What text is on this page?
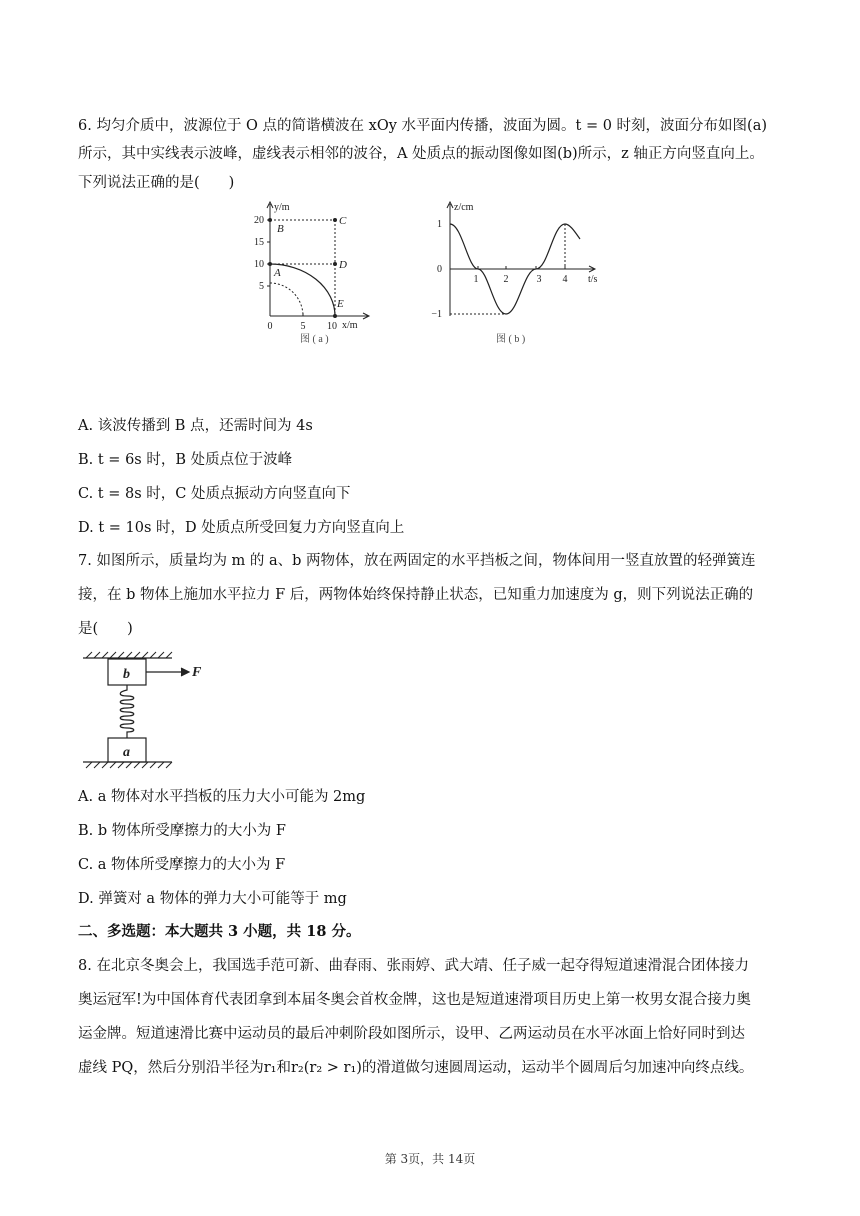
6. 均匀介质中，波源位于 O 点的简谐横波在 xOy 水平面内传播，波面为圆。t = 0 时刻，波面分布如图(a)
所示，其中实线表示波峰，虚线表示相邻的波谷，A 处质点的振动图像如图(b)所示，z 轴正方向竖直向上。
下列说法正确的是(　　)
y/m
x/m
20
15
10
5
0	5 10
B
C
A
D
E
图 ( a )
z/cm
t/s
1
0
−1
1	2	3 4
图 ( b )
A. 该波传播到 B 点，还需时间为 4s
B. t = 6s 时，B 处质点位于波峰
C. t = 8s 时，C 处质点振动方向竖直向下
D. t = 10s 时，D 处质点所受回复力方向竖直向上
7. 如图所示，质量均为 m 的 a、b 两物体，放在两固定的水平挡板之间，物体间用一竖直放置的轻弹簧连
接，在 b 物体上施加水平拉力 F 后，两物体始终保持静止状态，已知重力加速度为 g，则下列说法正确的
是(　　)
b
a
F
A. a 物体对水平挡板的压力大小可能为 2mg
B. b 物体所受摩擦力的大小为 F
C. a 物体所受摩擦力的大小为 F
D. 弹簧对 a 物体的弹力大小可能等于 mg
二、多选题：本大题共 3 小题，共 18 分。
8. 在北京冬奥会上，我国选手范可新、曲春雨、张雨婷、武大靖、任子威一起夺得短道速滑混合团体接力
奥运冠军!为中国体育代表团拿到本届冬奥会首枚金牌，这也是短道速滑项目历史上第一枚男女混合接力奥
运金牌。短道速滑比赛中运动员的最后冲刺阶段如图所示，设甲、乙两运动员在水平冰面上恰好同时到达
虚线 PQ，然后分别沿半径为r₁和r₂(r₂ > r₁)的滑道做匀速圆周运动，运动半个圆周后匀加速冲向终点线。
第 3页，共 14页
